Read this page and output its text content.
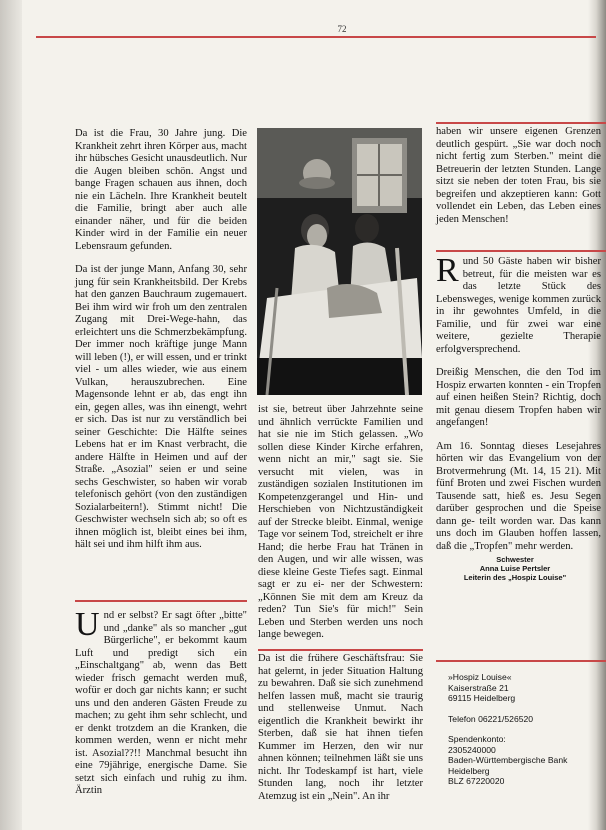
72

Da ist die Frau, 30 Jahre jung. Die Krankheit zehrt ihren Körper aus, macht ihr hübsches Gesicht unausdeutlich. Nur die Augen bleiben schön. Angst und bange Fragen schauen aus ihnen, doch nie ein Lächeln. Ihre Krankheit beutelt die Familie, bringt aber auch alle einander näher, und für die beiden Kinder wird in der Familie ein neuer Lebensraum gefunden.

Da ist der junge Mann, Anfang 30, sehr jung für sein Krankheitsbild. Der Krebs hat den ganzen Bauchraum zugemauert. Bei ihm wird wir froh um den zentralen Zugang mit Drei-Wege-hahn, das erleichtert uns die Schmerzbekämpfung. Der immer noch kräftige junge Mann will leben (!), er will essen, und er trinkt viel - um alles wieder, wie aus einem Vulkan, herauszubrechen. Eine Magensonde lehnt er ab, das engt ihn ein, gegen alles, was ihn einengt, wehrt er sich. Das ist nur zu verständlich bei seiner Geschichte: Die Hälfte seines Lebens hat er im Knast verbracht, die andere Hälfte in Heimen und auf der Straße. „Asozial" seien er und seine sechs Geschwister, so haben wir vorab telefonisch gehört (von den zuständigen Sozialarbeitern!). Stimmt nicht! Die Geschwister wechseln sich ab; so oft es ihnen möglich ist, bleibt eines bei ihm, hält sei und ihm hilft ihm aus.

Und er selbst? Er sagt öfter „bitte" und „danke" als so mancher „gut Bürgerliche", er bekommt kaum Luft und predigt sich ein „Einschaltgang" ab, wenn das Bett wieder frisch gemacht werden muß, wofür er doch gar nichts kann; er sucht uns und den anderen Gästen Freude zu machen; zu geht ihm sehr schlecht, und er denkt trotzdem an die Kranken, die kommen werden, wenn er nicht mehr ist. Asozial??!! Manchmal besucht ihn eine 79jährige, energische Dame. Sie setzt sich einfach und ruhig zu ihm. Ärztin

ist sie, betreut über Jahrzehnte seine und ähnlich verrückte Familien und hat sie nie im Stich gelassen. „Wo sollen diese Kinder Kirche erfahren, wenn nicht an mir," sagt sie. Sie versucht mit vielen, was in zuständigen sozialen Institutionen im Kompetenzgerangel und Hin- und Herschieben von Nichtzuständigkeit auf der Strecke bleibt. Einmal, wenige Tage vor seinem Tod, streichelt er ihre Hand; die herbe Frau hat Tränen in den Augen, und wir alle wissen, was diese kleine Geste Tiefes sagt. Einmal sagt er zu ei- ner der Schwestern: „Können Sie mit dem am Kreuz da reden? Tun Sie's für mich!" Sein Leben und Sterben werden uns noch lange bewegen.

Da ist die frühere Geschäftsfrau: Sie hat gelernt, in jeder Situation Haltung zu bewahren. Daß sie sich zunehmend helfen lassen muß, macht sie traurig und stellenweise Unmut. Nach eigentlich die Krankheit bewirkt ihr Sterben, daß sie hat ihnen tiefen Kummer im Herzen, den wir nur ahnen können; teilnehmen läßt sie uns nicht. Ihr Todeskampf ist hart, viele Stunden lang, noch ihr letzter Atemzug ist ein „Nein". An ihr

haben wir unsere eigenen Grenzen deutlich gespürt. „Sie war doch noch nicht fertig zum Sterben." meint die Betreuerin der letzten Stunden. Lange sitzt sie neben der toten Frau, bis sie begreifen und akzeptieren kann: Gott vollendet ein Leben, das Leben eines jeden Menschen!

Rund 50 Gäste haben wir bisher betreut, für die meisten war es das letzte Stück des Lebensweges, wenige kommen zurück in ihr gewohntes Umfeld, in die Familie, und für zwei war eine weitere, gezielte Therapie erfolgversprechend.

Dreißig Menschen, die den Tod im Hospiz erwarten konnten - ein Tropfen auf einen heißen Stein? Richtig, doch mit genau diesem Tropfen haben wir angefangen!

Am 16. Sonntag dieses Lesejahres hörten wir das Evangelium von der Brotvermehrung (Mt. 14, 15 21). Mit fünf Broten und zwei Fischen wurden Tausende satt, hieß es. Jesu Segen darüber gesprochen und die Speise dann ge- teilt worden war. Das kann uns doch im Glauben hoffen lassen, daß die „Tropfen" mehr werden.

Schwester
Anna Luise Pertsler
Leiterin des „Hospiz Louise"
»Hospiz Louise«
Kaiserstraße 21
69115 Heidelberg
Telefon 06221/526520
Spendenkonto:
2305240000
Baden-Württembergische Bank
Heidelberg
BLZ 67220020
